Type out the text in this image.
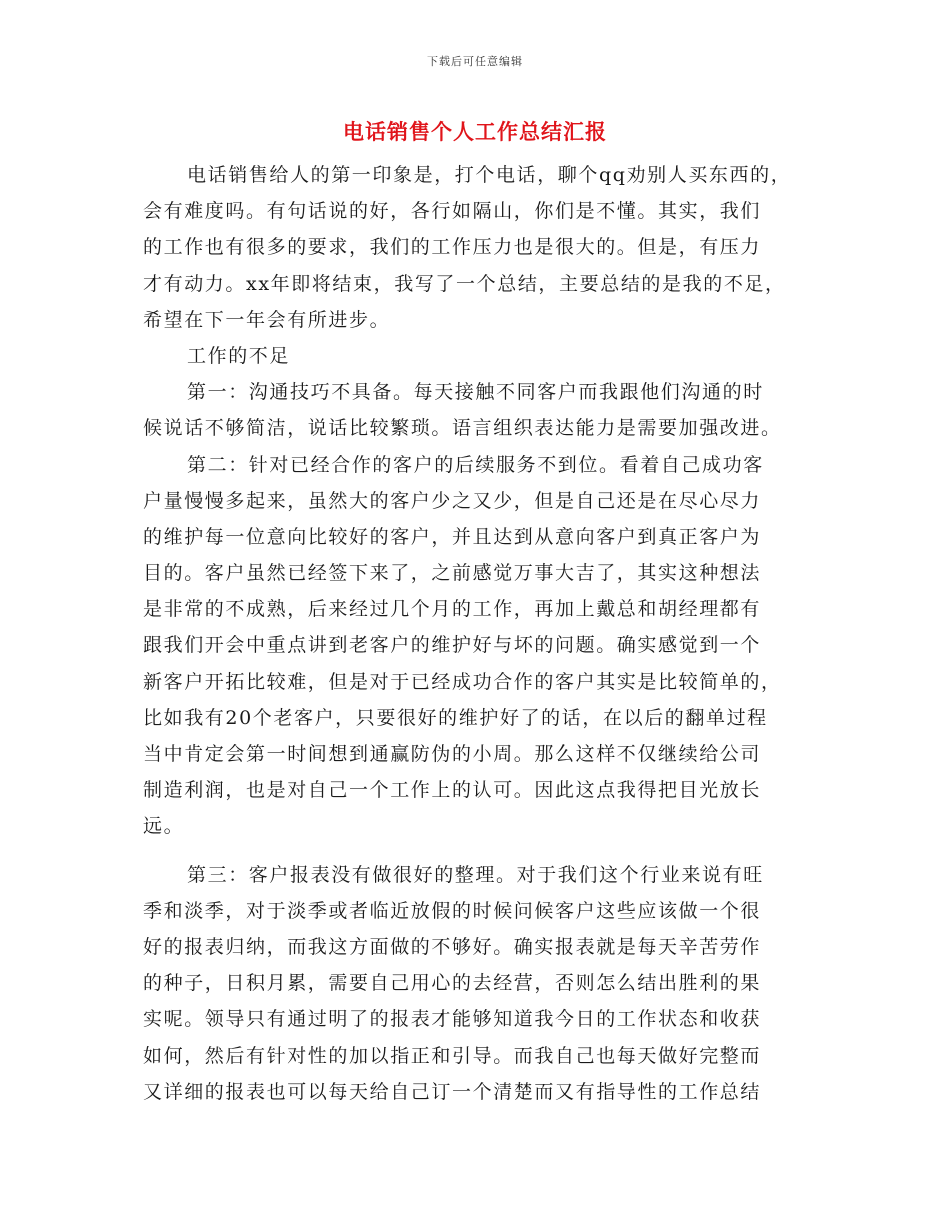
下载后可任意编辑
电话销售个人工作总结汇报
电话销售给人的第一印象是，打个电话，聊个qq劝别人买东西的，
会有难度吗。有句话说的好，各行如隔山，你们是不懂。其实，我们
的工作也有很多的要求，我们的工作压力也是很大的。但是，有压力
才有动力。xx年即将结束，我写了一个总结，主要总结的是我的不足，
希望在下一年会有所进步。
工作的不足
第一：沟通技巧不具备。每天接触不同客户而我跟他们沟通的时
候说话不够简洁，说话比较繁琐。语言组织表达能力是需要加强改进。
第二：针对已经合作的客户的后续服务不到位。看着自己成功客
户量慢慢多起来，虽然大的客户少之又少，但是自己还是在尽心尽力
的维护每一位意向比较好的客户，并且达到从意向客户到真正客户为
目的。客户虽然已经签下来了，之前感觉万事大吉了，其实这种想法
是非常的不成熟，后来经过几个月的工作，再加上戴总和胡经理都有
跟我们开会中重点讲到老客户的维护好与坏的问题。确实感觉到一个
新客户开拓比较难，但是对于已经成功合作的客户其实是比较简单的，
比如我有20个老客户，只要很好的维护好了的话，在以后的翻单过程
当中肯定会第一时间想到通赢防伪的小周。那么这样不仅继续给公司
制造利润，也是对自己一个工作上的认可。因此这点我得把目光放长
远。
第三：客户报表没有做很好的整理。对于我们这个行业来说有旺
季和淡季，对于淡季或者临近放假的时候问候客户这些应该做一个很
好的报表归纳，而我这方面做的不够好。确实报表就是每天辛苦劳作
的种子，日积月累，需要自己用心的去经营，否则怎么结出胜利的果
实呢。领导只有通过明了的报表才能够知道我今日的工作状态和收获
如何，然后有针对性的加以指正和引导。而我自己也每天做好完整而
又详细的报表也可以每天给自己订一个清楚而又有指导性的工作总结
